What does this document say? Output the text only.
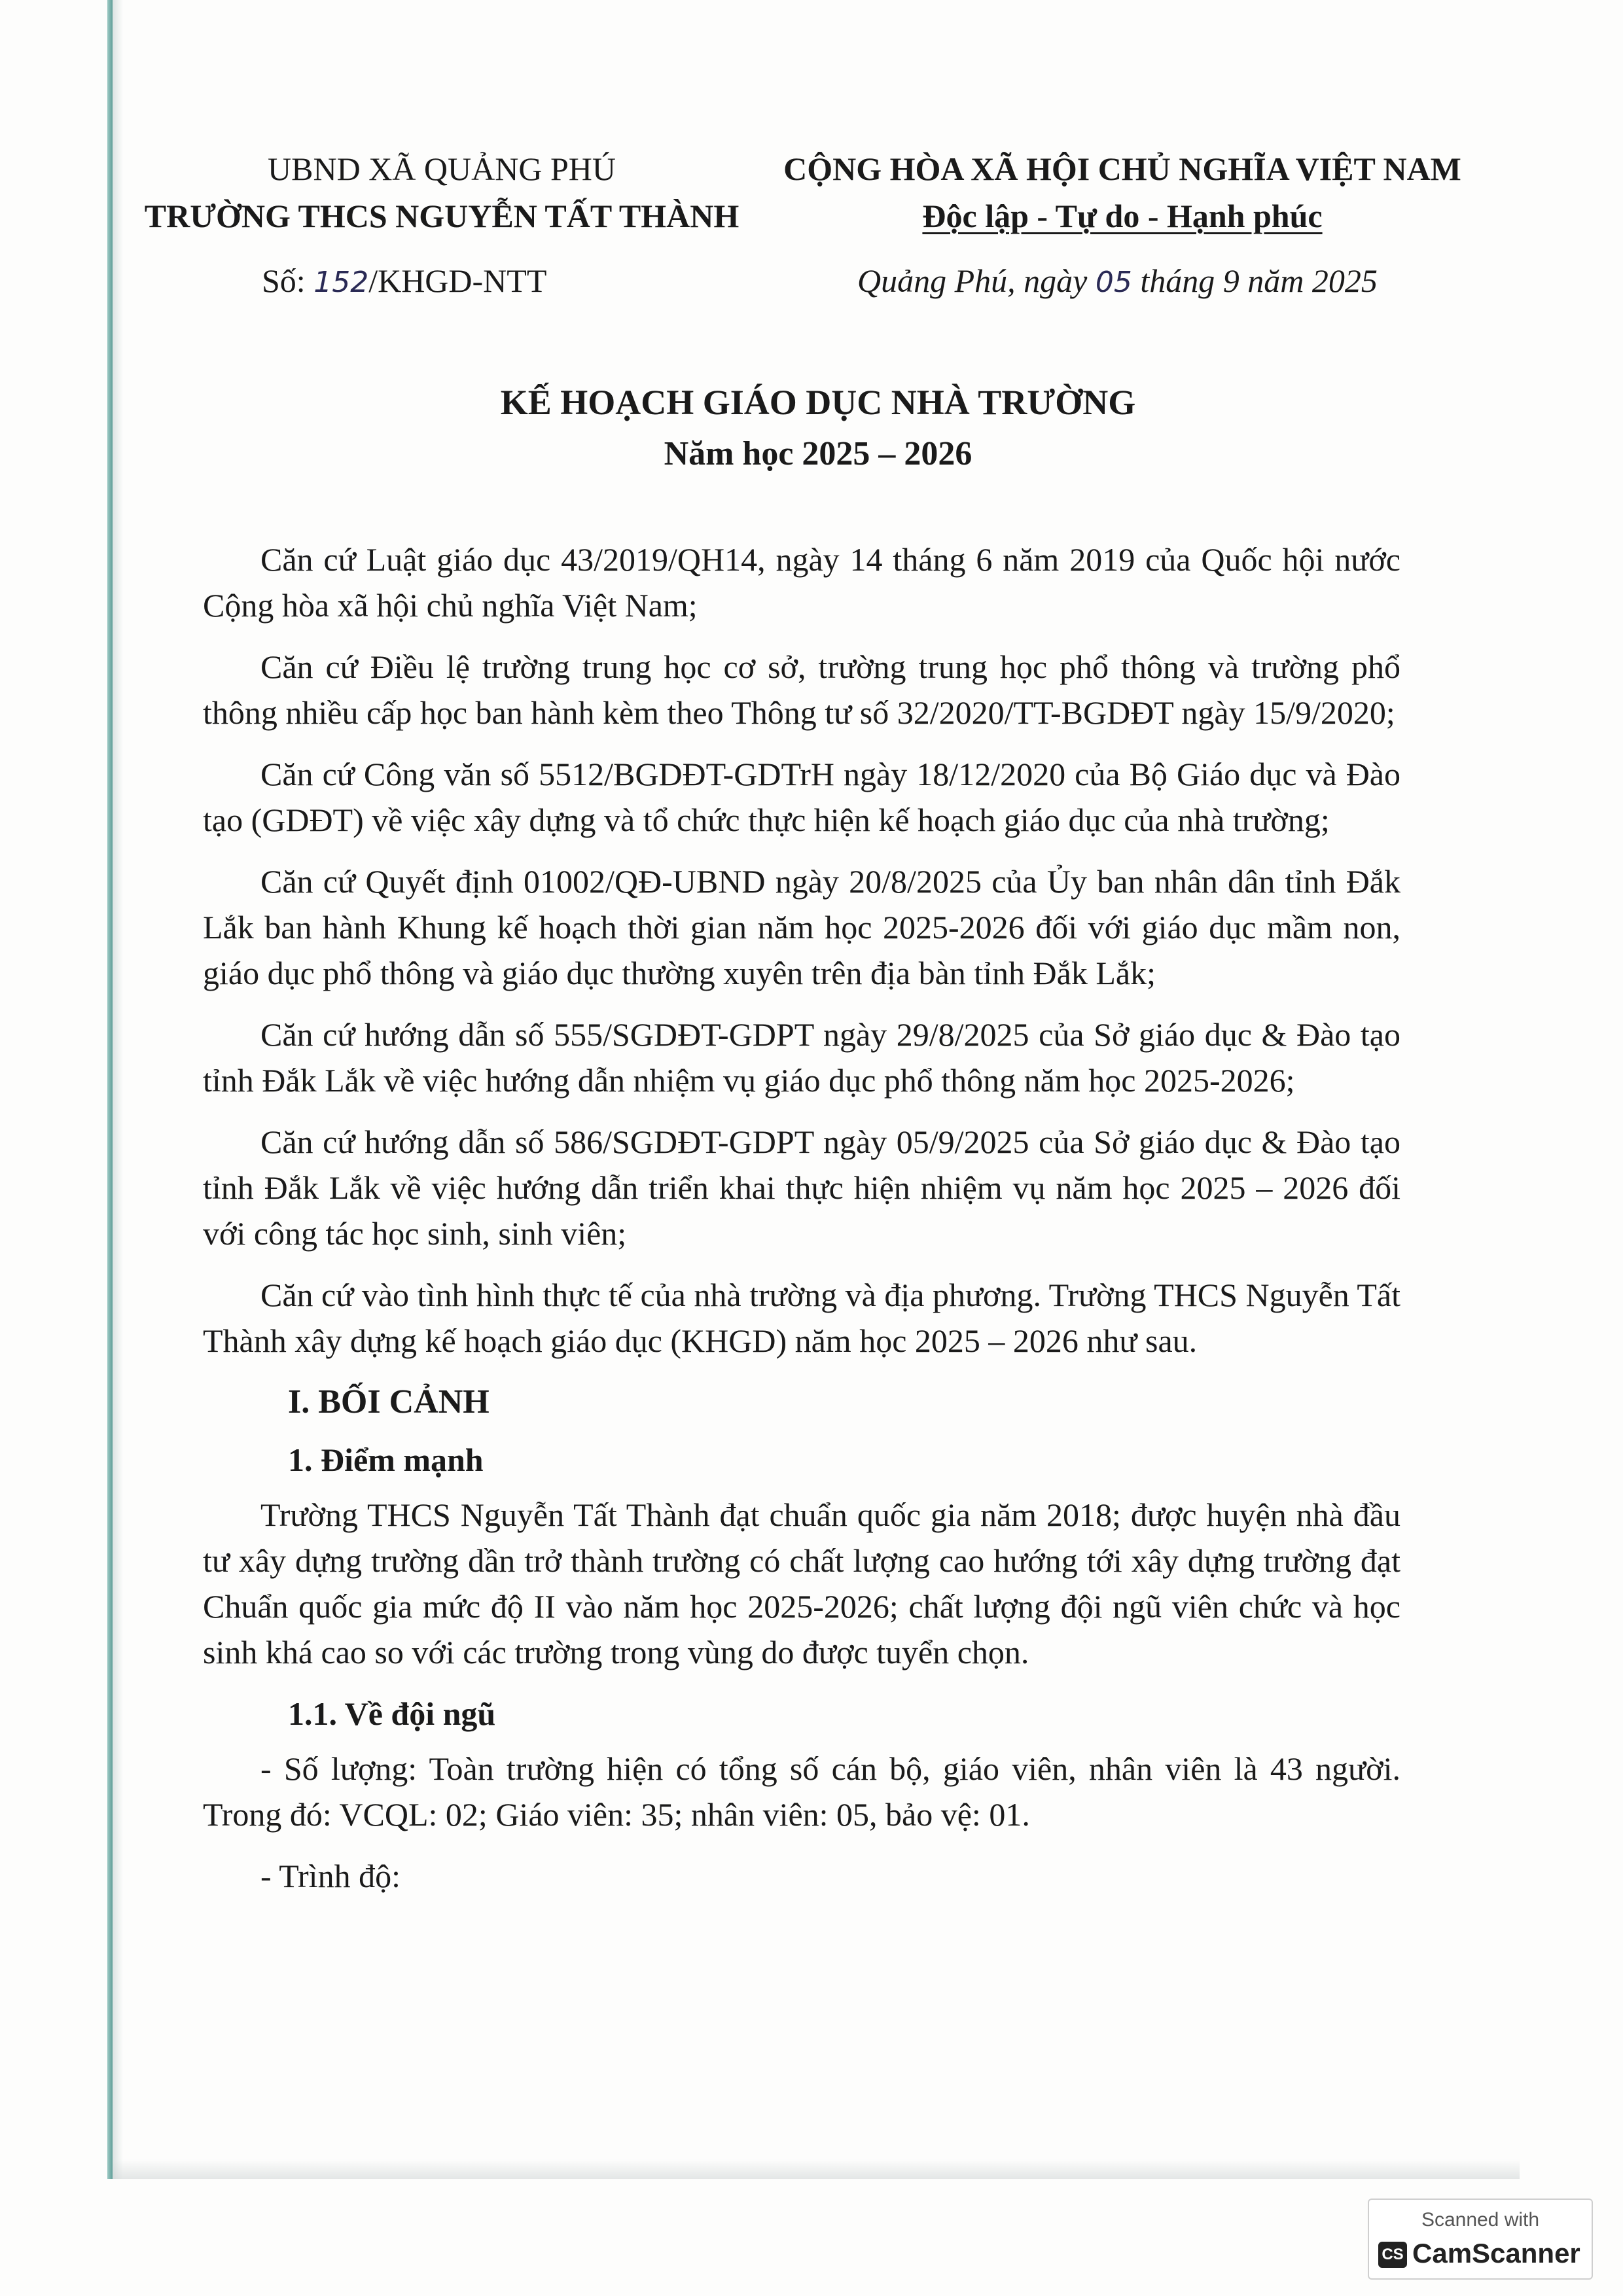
UBND XÃ QUẢNG PHÚ
TRƯỜNG THCS NGUYỄN TẤT THÀNH
CỘNG HÒA XÃ HỘI CHỦ NGHĨA VIỆT NAM
Độc lập - Tự do - Hạnh phúc
Số: 152/KHGD-NTT	Quảng Phú, ngày 05 tháng 9 năm 2025
KẾ HOẠCH GIÁO DỤC NHÀ TRƯỜNG
Năm học 2025 – 2026

Căn cứ Luật giáo dục 43/2019/QH14, ngày 14 tháng 6 năm 2019 của Quốc hội nước Cộng hòa xã hội chủ nghĩa Việt Nam;

Căn cứ Điều lệ trường trung học cơ sở, trường trung học phổ thông và trường phổ thông nhiều cấp học ban hành kèm theo Thông tư số 32/2020/TT-BGDĐT ngày 15/9/2020;

Căn cứ Công văn số 5512/BGDĐT-GDTrH ngày 18/12/2020 của Bộ Giáo dục và Đào tạo (GDĐT) về việc xây dựng và tổ chức thực hiện kế hoạch giáo dục của nhà trường;

Căn cứ Quyết định 01002/QĐ-UBND ngày 20/8/2025 của Ủy ban nhân dân tỉnh Đắk Lắk ban hành Khung kế hoạch thời gian năm học 2025-2026 đối với giáo dục mầm non, giáo dục phổ thông và giáo dục thường xuyên trên địa bàn tỉnh Đắk Lắk;

Căn cứ hướng dẫn số 555/SGDĐT-GDPT ngày 29/8/2025 của Sở giáo dục & Đào tạo tỉnh Đắk Lắk về việc hướng dẫn nhiệm vụ giáo dục phổ thông năm học 2025-2026;

Căn cứ hướng dẫn số 586/SGDĐT-GDPT ngày 05/9/2025 của Sở giáo dục & Đào tạo tỉnh Đắk Lắk về việc hướng dẫn triển khai thực hiện nhiệm vụ năm học 2025 – 2026 đối với công tác học sinh, sinh viên;

Căn cứ vào tình hình thực tế của nhà trường và địa phương. Trường THCS Nguyễn Tất Thành xây dựng kế hoạch giáo dục (KHGD) năm học 2025 – 2026 như sau.

I. BỐI CẢNH
1. Điểm mạnh

Trường THCS Nguyễn Tất Thành đạt chuẩn quốc gia năm 2018; được huyện nhà đầu tư xây dựng trường dần trở thành trường có chất lượng cao hướng tới xây dựng trường đạt Chuẩn quốc gia mức độ II vào năm học 2025-2026; chất lượng đội ngũ viên chức và học sinh khá cao so với các trường trong vùng do được tuyển chọn.

1.1. Về đội ngũ

- Số lượng: Toàn trường hiện có tổng số cán bộ, giáo viên, nhân viên là 43 người. Trong đó: VCQL: 02; Giáo viên: 35; nhân viên: 05, bảo vệ: 01.

- Trình độ:

Scanned with
CS CamScanner
